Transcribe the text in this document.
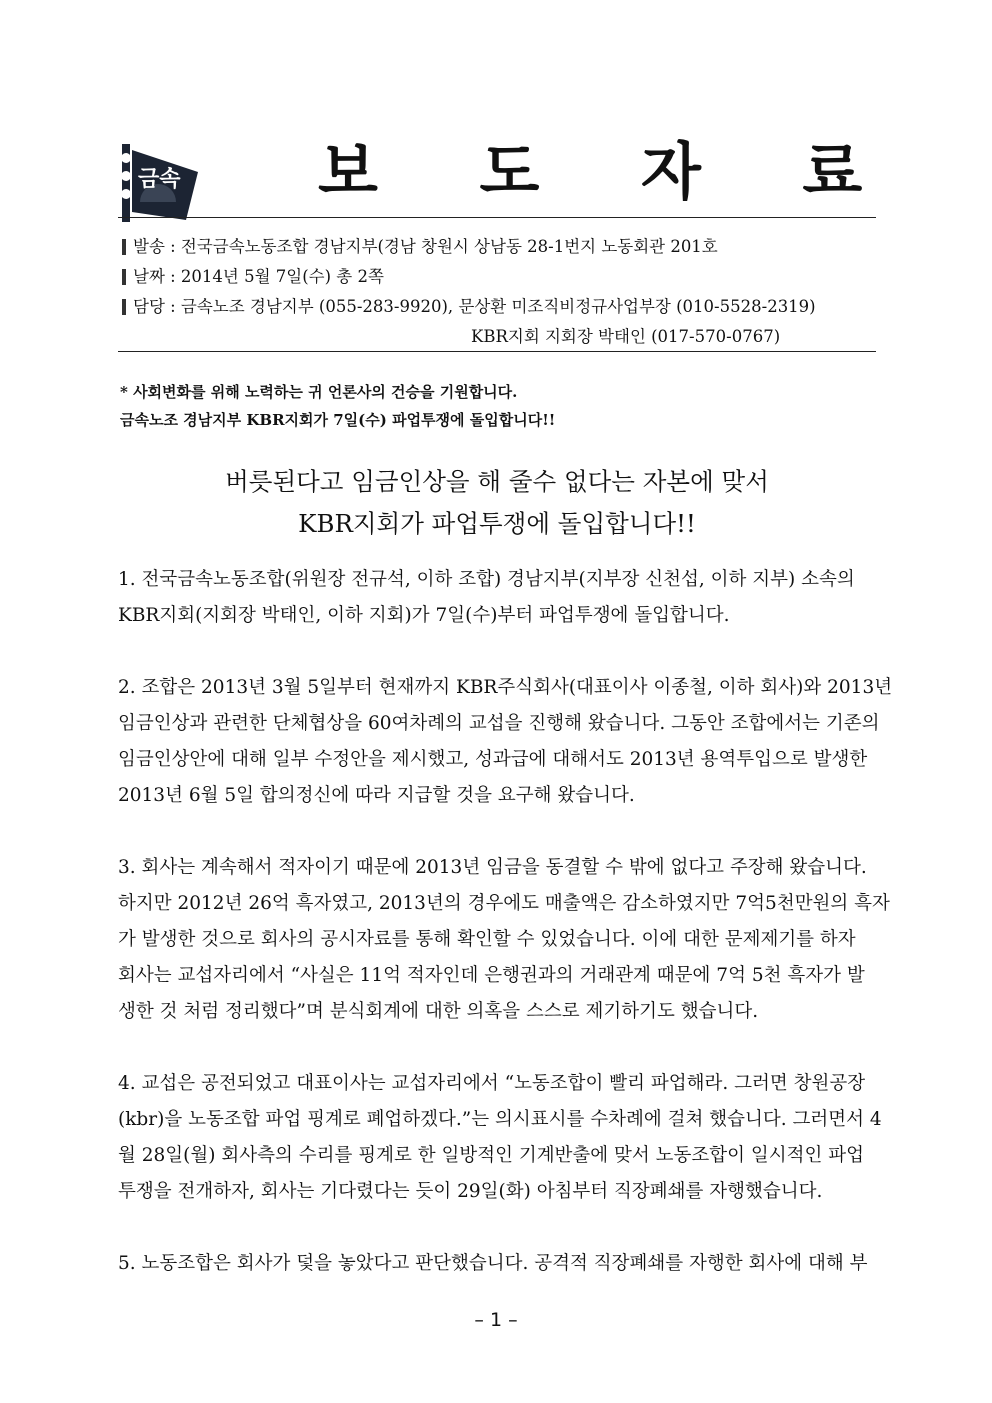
금속 보 도 자 료
발송 : 전국금속노동조합 경남지부(경남 창원시 상남동 28-1번지 노동회관 201호
날짜 : 2014년 5월 7일(수) 총 2쪽
담당 : 금속노조 경남지부 (055-283-9920), 문상환 미조직비정규사업부장 (010-5528-2319)
KBR지회 지회장 박태인 (017-570-0767)
* 사회변화를 위해 노력하는 귀 언론사의 건승을 기원합니다.
금속노조 경남지부 KBR지회가 7일(수) 파업투쟁에 돌입합니다!!
버릇된다고 임금인상을 해 줄수 없다는 자본에 맞서
KBR지회가 파업투쟁에 돌입합니다!!

1. 전국금속노동조합(위원장 전규석, 이하 조합) 경남지부(지부장 신천섭, 이하 지부) 소속의

KBR지회(지회장 박태인, 이하 지회)가 7일(수)부터 파업투쟁에 돌입합니다.

2. 조합은 2013년 3월 5일부터 현재까지 KBR주식회사(대표이사 이종철, 이하 회사)와 2013년

임금인상과 관련한 단체협상을 60여차례의 교섭을 진행해 왔습니다. 그동안 조합에서는 기존의

임금인상안에 대해 일부 수정안을 제시했고, 성과급에 대해서도 2013년 용역투입으로 발생한

2013년 6월 5일 합의정신에 따라 지급할 것을 요구해 왔습니다.

3. 회사는 계속해서 적자이기 때문에 2013년 임금을 동결할 수 밖에 없다고 주장해 왔습니다.

하지만 2012년 26억 흑자였고, 2013년의 경우에도 매출액은 감소하였지만 7억5천만원의 흑자

가 발생한 것으로 회사의 공시자료를 통해 확인할 수 있었습니다. 이에 대한 문제제기를 하자

회사는 교섭자리에서 “사실은 11억 적자인데 은행권과의 거래관계 때문에 7억 5천 흑자가 발

생한 것 처럼 정리했다”며 분식회계에 대한 의혹을 스스로 제기하기도 했습니다.

4. 교섭은 공전되었고 대표이사는 교섭자리에서 “노동조합이 빨리 파업해라. 그러면 창원공장

(kbr)을 노동조합 파업 핑계로 폐업하겠다.”는 의시표시를 수차례에 걸쳐 했습니다. 그러면서 4

월 28일(월) 회사측의 수리를 핑계로 한 일방적인 기계반출에 맞서 노동조합이 일시적인 파업

투쟁을 전개하자, 회사는 기다렸다는 듯이 29일(화) 아침부터 직장폐쇄를 자행했습니다.

5. 노동조합은 회사가 덫을 놓았다고 판단했습니다. 공격적 직장폐쇄를 자행한 회사에 대해 부

– 1 –
